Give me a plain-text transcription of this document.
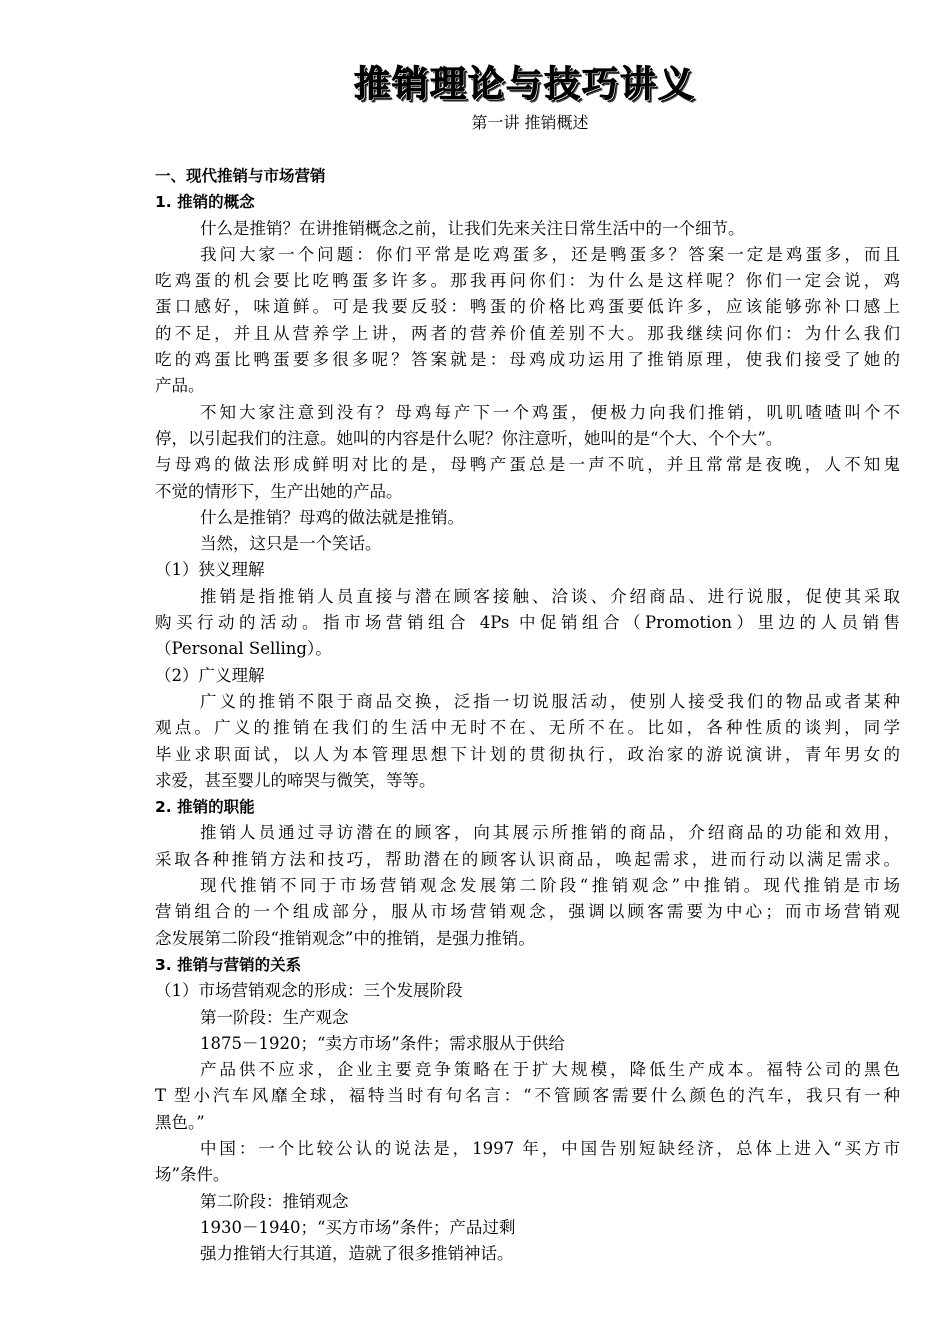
推销理论与技巧讲义
第一讲 推销概述
一、现代推销与市场营销
1. 推销的概念
什么是推销？在讲推销概念之前，让我们先来关注日常生活中的一个细节。
我问大家一个问题：你们平常是吃鸡蛋多，还是鸭蛋多？答案一定是鸡蛋多，而且
吃鸡蛋的机会要比吃鸭蛋多许多。那我再问你们：为什么是这样呢？你们一定会说，鸡
蛋口感好，味道鲜。可是我要反驳：鸭蛋的价格比鸡蛋要低许多，应该能够弥补口感上
的不足，并且从营养学上讲，两者的营养价值差别不大。那我继续问你们：为什么我们
吃的鸡蛋比鸭蛋要多很多呢？答案就是：母鸡成功运用了推销原理，使我们接受了她的
产品。
不知大家注意到没有？母鸡每产下一个鸡蛋，便极力向我们推销，叽叽喳喳叫个不
停，以引起我们的注意。她叫的内容是什么呢？你注意听，她叫的是“个大、个个大”。
与母鸡的做法形成鲜明对比的是，母鸭产蛋总是一声不吭，并且常常是夜晚，人不知鬼
不觉的情形下，生产出她的产品。
什么是推销？母鸡的做法就是推销。
当然，这只是一个笑话。
（1）狭义理解
推销是指推销人员直接与潜在顾客接触、洽谈、介绍商品、进行说服，促使其采取
购买行动的活动。指市场营销组合 4Ps 中促销组合（Promotion）里边的人员销售
（Personal Selling）。
（2）广义理解
广义的推销不限于商品交换，泛指一切说服活动，使别人接受我们的物品或者某种
观点。广义的推销在我们的生活中无时不在、无所不在。比如，各种性质的谈判，同学
毕业求职面试，以人为本管理思想下计划的贯彻执行，政治家的游说演讲，青年男女的
求爱，甚至婴儿的啼哭与微笑，等等。
2. 推销的职能
推销人员通过寻访潜在的顾客，向其展示所推销的商品，介绍商品的功能和效用，
采取各种推销方法和技巧，帮助潜在的顾客认识商品，唤起需求，进而行动以满足需求。
现代推销不同于市场营销观念发展第二阶段“推销观念”中推销。现代推销是市场
营销组合的一个组成部分，服从市场营销观念，强调以顾客需要为中心；而市场营销观
念发展第二阶段“推销观念”中的推销，是强力推销。
3. 推销与营销的关系
（1）市场营销观念的形成：三个发展阶段
第一阶段：生产观念
1875－1920；“卖方市场”条件；需求服从于供给
产品供不应求，企业主要竞争策略在于扩大规模，降低生产成本。福特公司的黑色
T 型小汽车风靡全球，福特当时有句名言：“不管顾客需要什么颜色的汽车，我只有一种
黑色。”
中国：一个比较公认的说法是，1997 年，中国告别短缺经济，总体上进入“买方市
场”条件。
第二阶段：推销观念
1930－1940；“买方市场”条件；产品过剩
强力推销大行其道，造就了很多推销神话。
